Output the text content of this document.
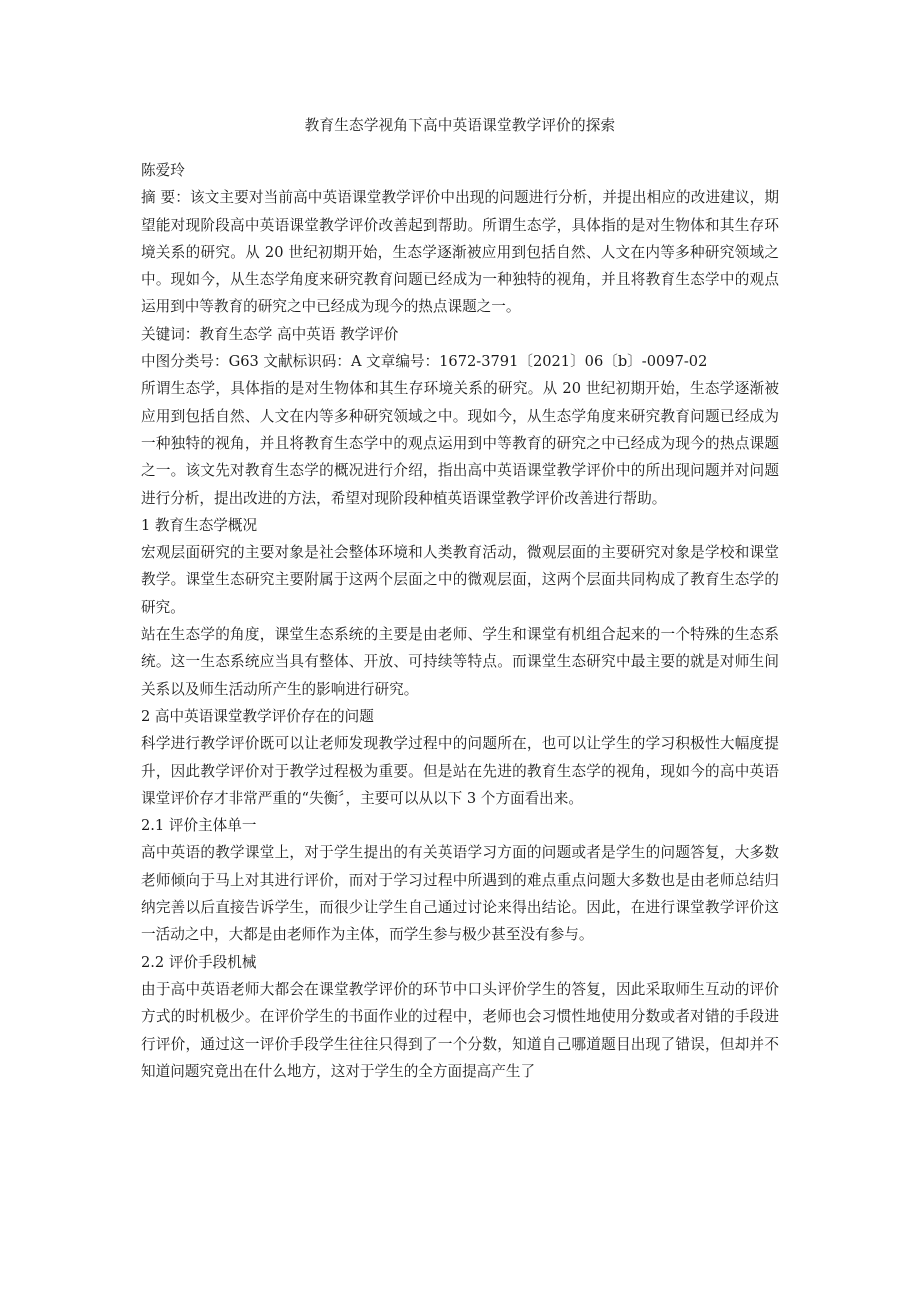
教育生态学视角下高中英语课堂教学评价的探索

陈爱玲

摘 要：该文主要对当前高中英语课堂教学评价中出现的问题进行分析，并提出相应的改进建议，期望能对现阶段高中英语课堂教学评价改善起到帮助。所谓生态学，具体指的是对生物体和其生存环境关系的研究。从 20 世纪初期开始，生态学逐渐被应用到包括自然、人文在内等多种研究领域之中。现如今，从生态学角度来研究教育问题已经成为一种独特的视角，并且将教育生态学中的观点运用到中等教育的研究之中已经成为现今的热点课题之一。

关键词：教育生态学 高中英语 教学评价

中图分类号：G63 文献标识码：A 文章编号：1672-3791〔2021〕06〔b〕-0097-02

所谓生态学，具体指的是对生物体和其生存环境关系的研究。从 20 世纪初期开始，生态学逐渐被应用到包括自然、人文在内等多种研究领域之中。现如今，从生态学角度来研究教育问题已经成为一种独特的视角，并且将教育生态学中的观点运用到中等教育的研究之中已经成为现今的热点课题之一。该文先对教育生态学的概况进行介绍，指出高中英语课堂教学评价中的所出现问题并对问题进行分析，提出改进的方法，希望对现阶段种植英语课堂教学评价改善进行帮助。

1 教育生态学概况

宏观层面研究的主要对象是社会整体环境和人类教育活动，微观层面的主要研究对象是学校和课堂教学。课堂生态研究主要附属于这两个层面之中的微观层面，这两个层面共同构成了教育生态学的研究。

站在生态学的角度，课堂生态系统的主要是由老师、学生和课堂有机组合起来的一个特殊的生态系统。这一生态系统应当具有整体、开放、可持续等特点。而课堂生态研究中最主要的就是对师生间关系以及师生活动所产生的影响进行研究。

2 高中英语课堂教学评价存在的问题

科学进行教学评价既可以让老师发现教学过程中的问题所在，也可以让学生的学习积极性大幅度提升，因此教学评价对于教学过程极为重要。但是站在先进的教育生态学的视角，现如今的高中英语课堂评价存才非常严重的“失衡〞，主要可以从以下 3 个方面看出来。

2.1 评价主体单一

高中英语的教学课堂上，对于学生提出的有关英语学习方面的问题或者是学生的问题答复，大多数老师倾向于马上对其进行评价，而对于学习过程中所遇到的难点重点问题大多数也是由老师总结归纳完善以后直接告诉学生，而很少让学生自己通过讨论来得出结论。因此，在进行课堂教学评价这一活动之中，大都是由老师作为主体，而学生参与极少甚至没有参与。

2.2 评价手段机械

由于高中英语老师大都会在课堂教学评价的环节中口头评价学生的答复，因此采取师生互动的评价方式的时机极少。在评价学生的书面作业的过程中，老师也会习惯性地使用分数或者对错的手段进行评价，通过这一评价手段学生往往只得到了一个分数，知道自己哪道题目出现了错误，但却并不知道问题究竟出在什么地方，这对于学生的全方面提高产生了
